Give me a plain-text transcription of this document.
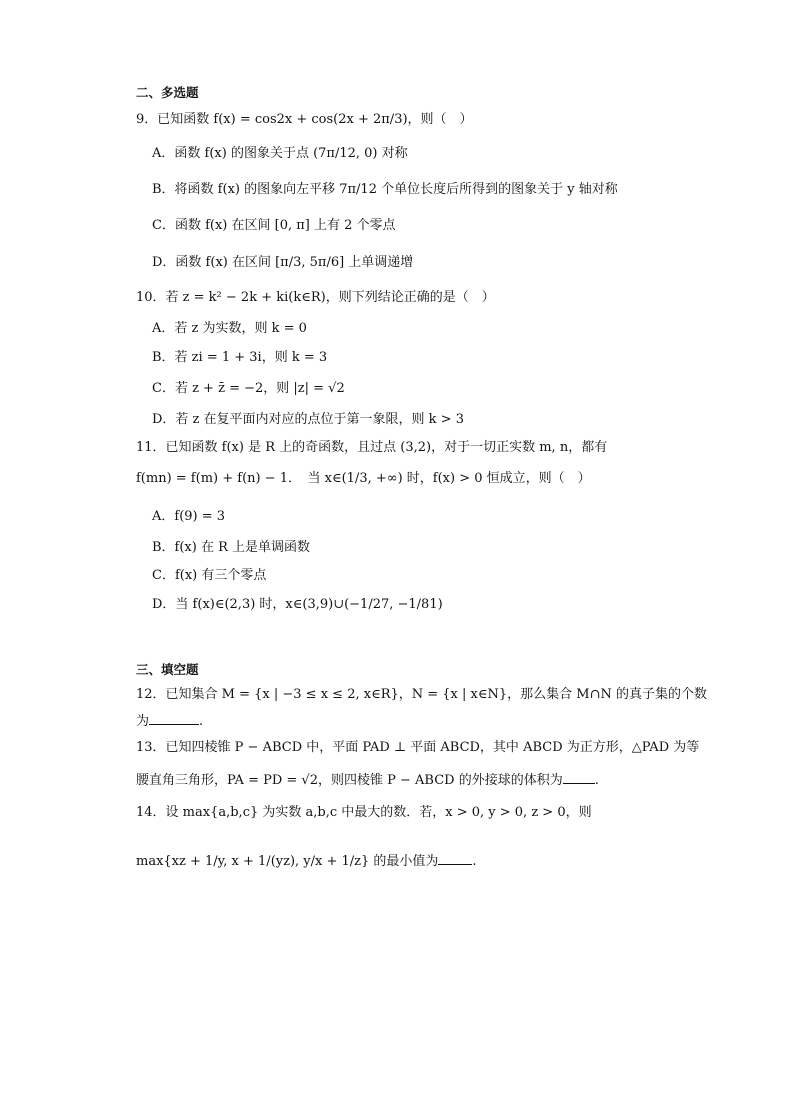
二、多选题
9．已知函数 f(x) = cos2x + cos(2x + 2π/3)，则（　）
A．函数 f(x) 的图象关于点 (7π/12, 0) 对称
B．将函数 f(x) 的图象向左平移 7π/12 个单位长度后所得到的图象关于 y 轴对称
C．函数 f(x) 在区间 [0, π] 上有 2 个零点
D．函数 f(x) 在区间 [π/3, 5π/6] 上单调递增
10．若 z = k² − 2k + ki(k∈R)，则下列结论正确的是（　）
A．若 z 为实数，则 k = 0
B．若 zi = 1 + 3i，则 k = 3
C．若 z + z̄ = −2，则 |z| = √2
D．若 z 在复平面内对应的点位于第一象限，则 k > 3
11．已知函数 f(x) 是 R 上的奇函数，且过点 (3,2)，对于一切正实数 m, n，都有
f(mn) = f(m) + f(n) − 1．　当 x∈(1/3, +∞) 时，f(x) > 0 恒成立，则（　）
A．f(9) = 3
B．f(x) 在 R 上是单调函数
C．f(x) 有三个零点
D．当 f(x)∈(2,3) 时，x∈(3,9)∪(−1/27, −1/81)
三、填空题
12．已知集合 M = {x | −3 ≤ x ≤ 2, x∈R}，N = {x | x∈N}，那么集合 M∩N 的真子集的个数
为	.
13．已知四棱锥 P − ABCD 中，平面 PAD ⊥ 平面 ABCD，其中 ABCD 为正方形，△PAD 为等
腰直角三角形，PA = PD = √2，则四棱锥 P − ABCD 的外接球的体积为 .
14．设 max{a,b,c} 为实数 a,b,c 中最大的数．若，x > 0, y > 0, z > 0，则
max{xz + 1/y, x + 1/(yz), y/x + 1/z} 的最小值为	.
